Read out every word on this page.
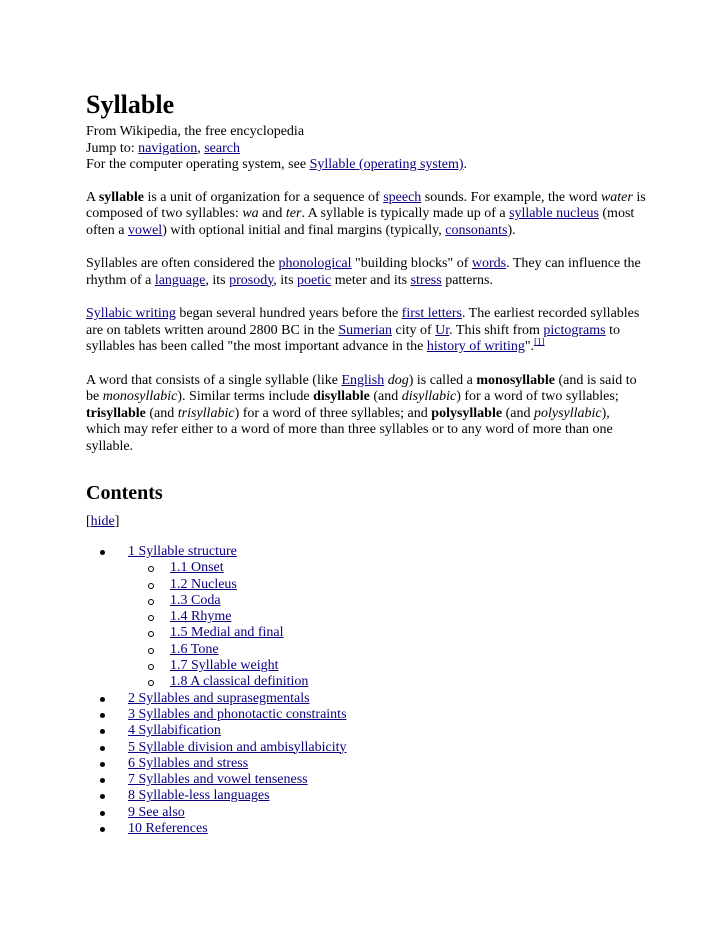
Syllable
From Wikipedia, the free encyclopedia
Jump to: navigation, search
For the computer operating system, see Syllable (operating system).

A syllable is a unit of organization for a sequence of speech sounds. For example, the word water is composed of two syllables: wa and ter. A syllable is typically made up of a syllable nucleus (most often a vowel) with optional initial and final margins (typically, consonants).

Syllables are often considered the phonological "building blocks" of words. They can influence the rhythm of a language, its prosody, its poetic meter and its stress patterns.

Syllabic writing began several hundred years before the first letters. The earliest recorded syllables are on tablets written around 2800 BC in the Sumerian city of Ur. This shift from pictograms to syllables has been called "the most important advance in the history of writing".[1]

A word that consists of a single syllable (like English dog) is called a monosyllable (and is said to be monosyllabic). Similar terms include disyllable (and disyllabic) for a word of two syllables; trisyllable (and trisyllabic) for a word of three syllables; and polysyllable (and polysyllabic), which may refer either to a word of more than three syllables or to any word of more than one syllable.

Contents
[hide]
1 Syllable structure
1.1 Onset
1.2 Nucleus
1.3 Coda
1.4 Rhyme
1.5 Medial and final
1.6 Tone
1.7 Syllable weight
1.8 A classical definition
2 Syllables and suprasegmentals
3 Syllables and phonotactic constraints
4 Syllabification
5 Syllable division and ambisyllabicity
6 Syllables and stress
7 Syllables and vowel tenseness
8 Syllable-less languages
9 See also
10 References
